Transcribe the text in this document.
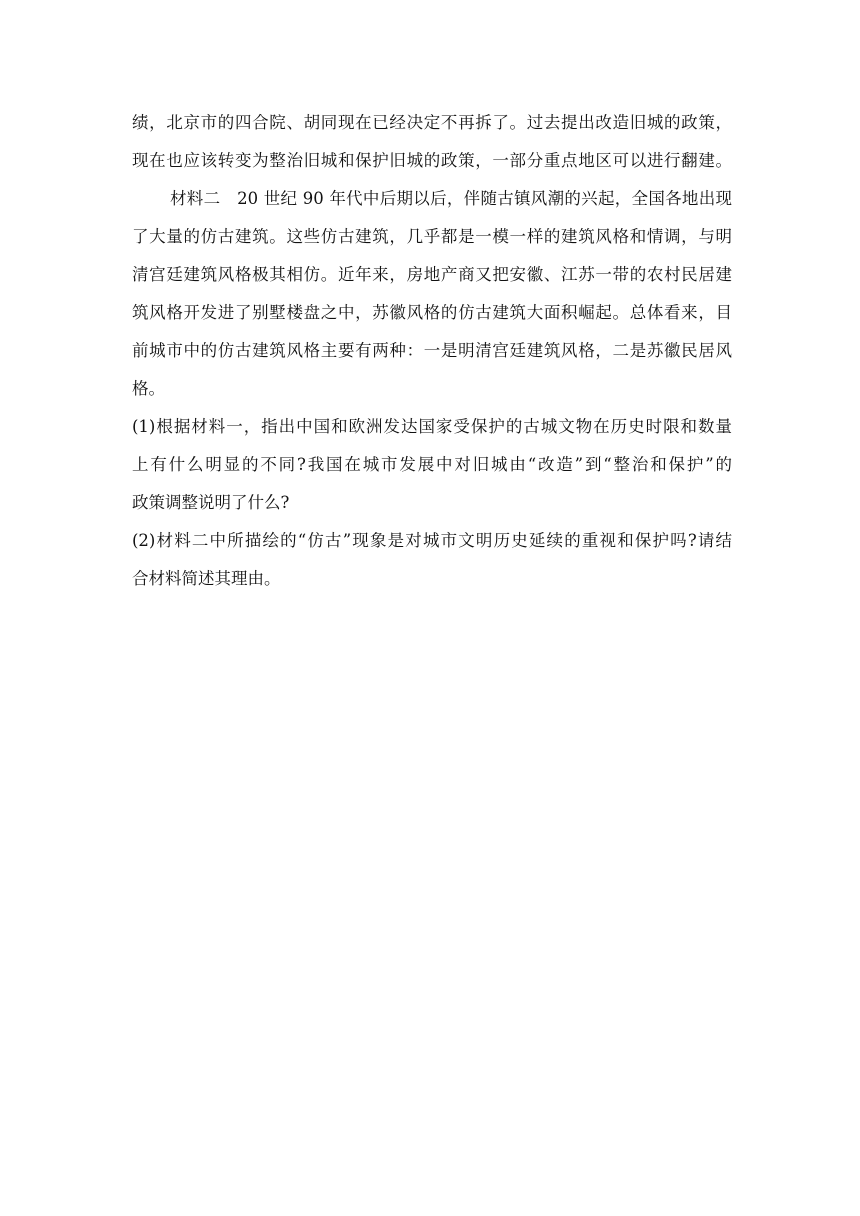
绩，北京市的四合院、胡同现在已经决定不再拆了。过去提出改造旧城的政策，
现在也应该转变为整治旧城和保护旧城的政策，一部分重点地区可以进行翻建。
材料二　20 世纪 90 年代中后期以后，伴随古镇风潮的兴起，全国各地出现
了大量的仿古建筑。这些仿古建筑，几乎都是一模一样的建筑风格和情调，与明
清宫廷建筑风格极其相仿。近年来，房地产商又把安徽、江苏一带的农村民居建
筑风格开发进了别墅楼盘之中，苏徽风格的仿古建筑大面积崛起。总体看来，目
前城市中的仿古建筑风格主要有两种：一是明清宫廷建筑风格，二是苏徽民居风
格。
(1)根据材料一，指出中国和欧洲发达国家受保护的古城文物在历史时限和数量
上有什么明显的不同?我国在城市发展中对旧城由“改造”到“整治和保护”的
政策调整说明了什么?
(2)材料二中所描绘的“仿古”现象是对城市文明历史延续的重视和保护吗?请结
合材料简述其理由。
